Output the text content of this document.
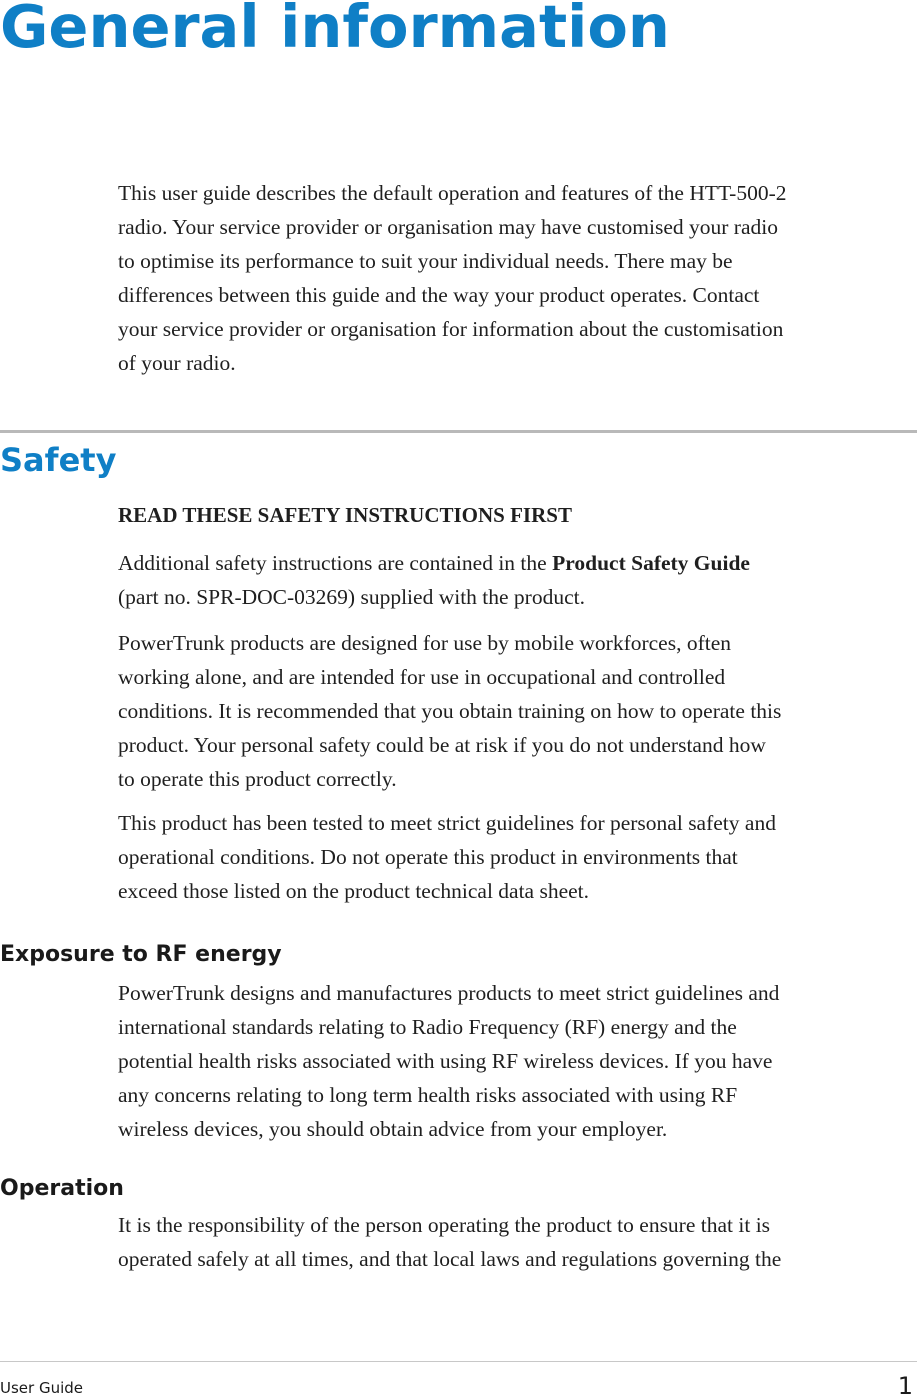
General information
This user guide describes the default operation and features of the HTT-500-2
radio. Your service provider or organisation may have customised your radio
to optimise its performance to suit your individual needs. There may be
differences between this guide and the way your product operates. Contact
your service provider or organisation for information about the customisation
of your radio.
Safety
READ THESE SAFETY INSTRUCTIONS FIRST
Additional safety instructions are contained in the Product Safety Guide
(part no. SPR-DOC-03269) supplied with the product.
PowerTrunk products are designed for use by mobile workforces, often
working alone, and are intended for use in occupational and controlled
conditions. It is recommended that you obtain training on how to operate this
product. Your personal safety could be at risk if you do not understand how
to operate this product correctly.
This product has been tested to meet strict guidelines for personal safety and
operational conditions. Do not operate this product in environments that
exceed those listed on the product technical data sheet.
Exposure to RF energy
PowerTrunk designs and manufactures products to meet strict guidelines and
international standards relating to Radio Frequency (RF) energy and the
potential health risks associated with using RF wireless devices. If you have
any concerns relating to long term health risks associated with using RF
wireless devices, you should obtain advice from your employer.
Operation
It is the responsibility of the person operating the product to ensure that it is
operated safely at all times, and that local laws and regulations governing the
User Guide	1
